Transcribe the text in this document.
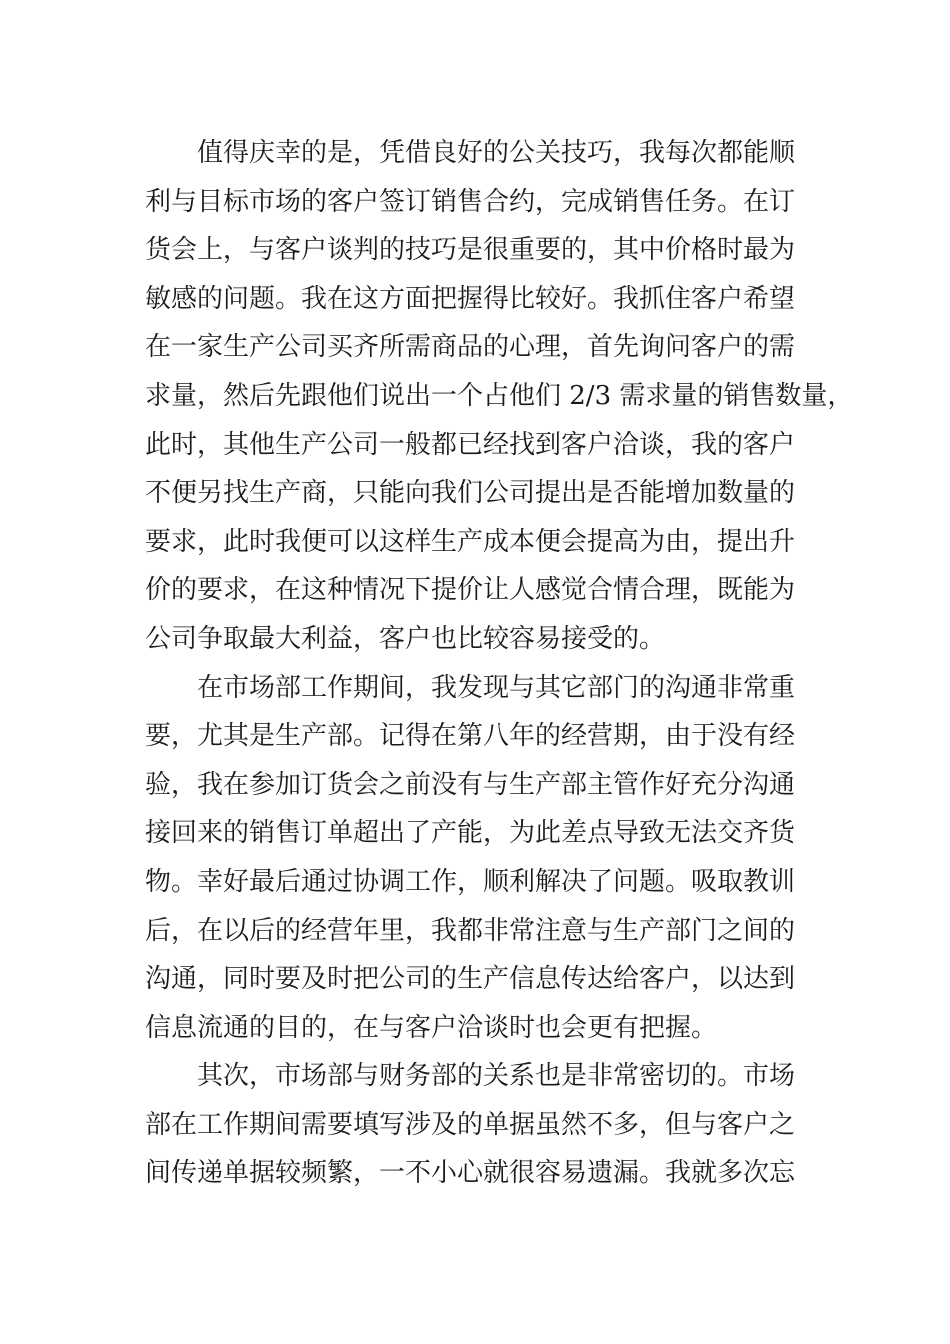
值得庆幸的是，凭借良好的公关技巧，我每次都能顺
利与目标市场的客户签订销售合约，完成销售任务。在订
货会上，与客户谈判的技巧是很重要的，其中价格时最为
敏感的问题。我在这方面把握得比较好。我抓住客户希望
在一家生产公司买齐所需商品的心理，首先询问客户的需
求量，然后先跟他们说出一个占他们 2/3 需求量的销售数量，
此时，其他生产公司一般都已经找到客户洽谈，我的客户
不便另找生产商，只能向我们公司提出是否能增加数量的
要求，此时我便可以这样生产成本便会提高为由，提出升
价的要求，在这种情况下提价让人感觉合情合理，既能为
公司争取最大利益，客户也比较容易接受的。
在市场部工作期间，我发现与其它部门的沟通非常重
要，尤其是生产部。记得在第八年的经营期，由于没有经
验，我在参加订货会之前没有与生产部主管作好充分沟通
接回来的销售订单超出了产能，为此差点导致无法交齐货
物。幸好最后通过协调工作，顺利解决了问题。吸取教训
后，在以后的经营年里，我都非常注意与生产部门之间的
沟通，同时要及时把公司的生产信息传达给客户，以达到
信息流通的目的，在与客户洽谈时也会更有把握。
其次，市场部与财务部的关系也是非常密切的。市场
部在工作期间需要填写涉及的单据虽然不多，但与客户之
间传递单据较频繁，一不小心就很容易遗漏。我就多次忘
